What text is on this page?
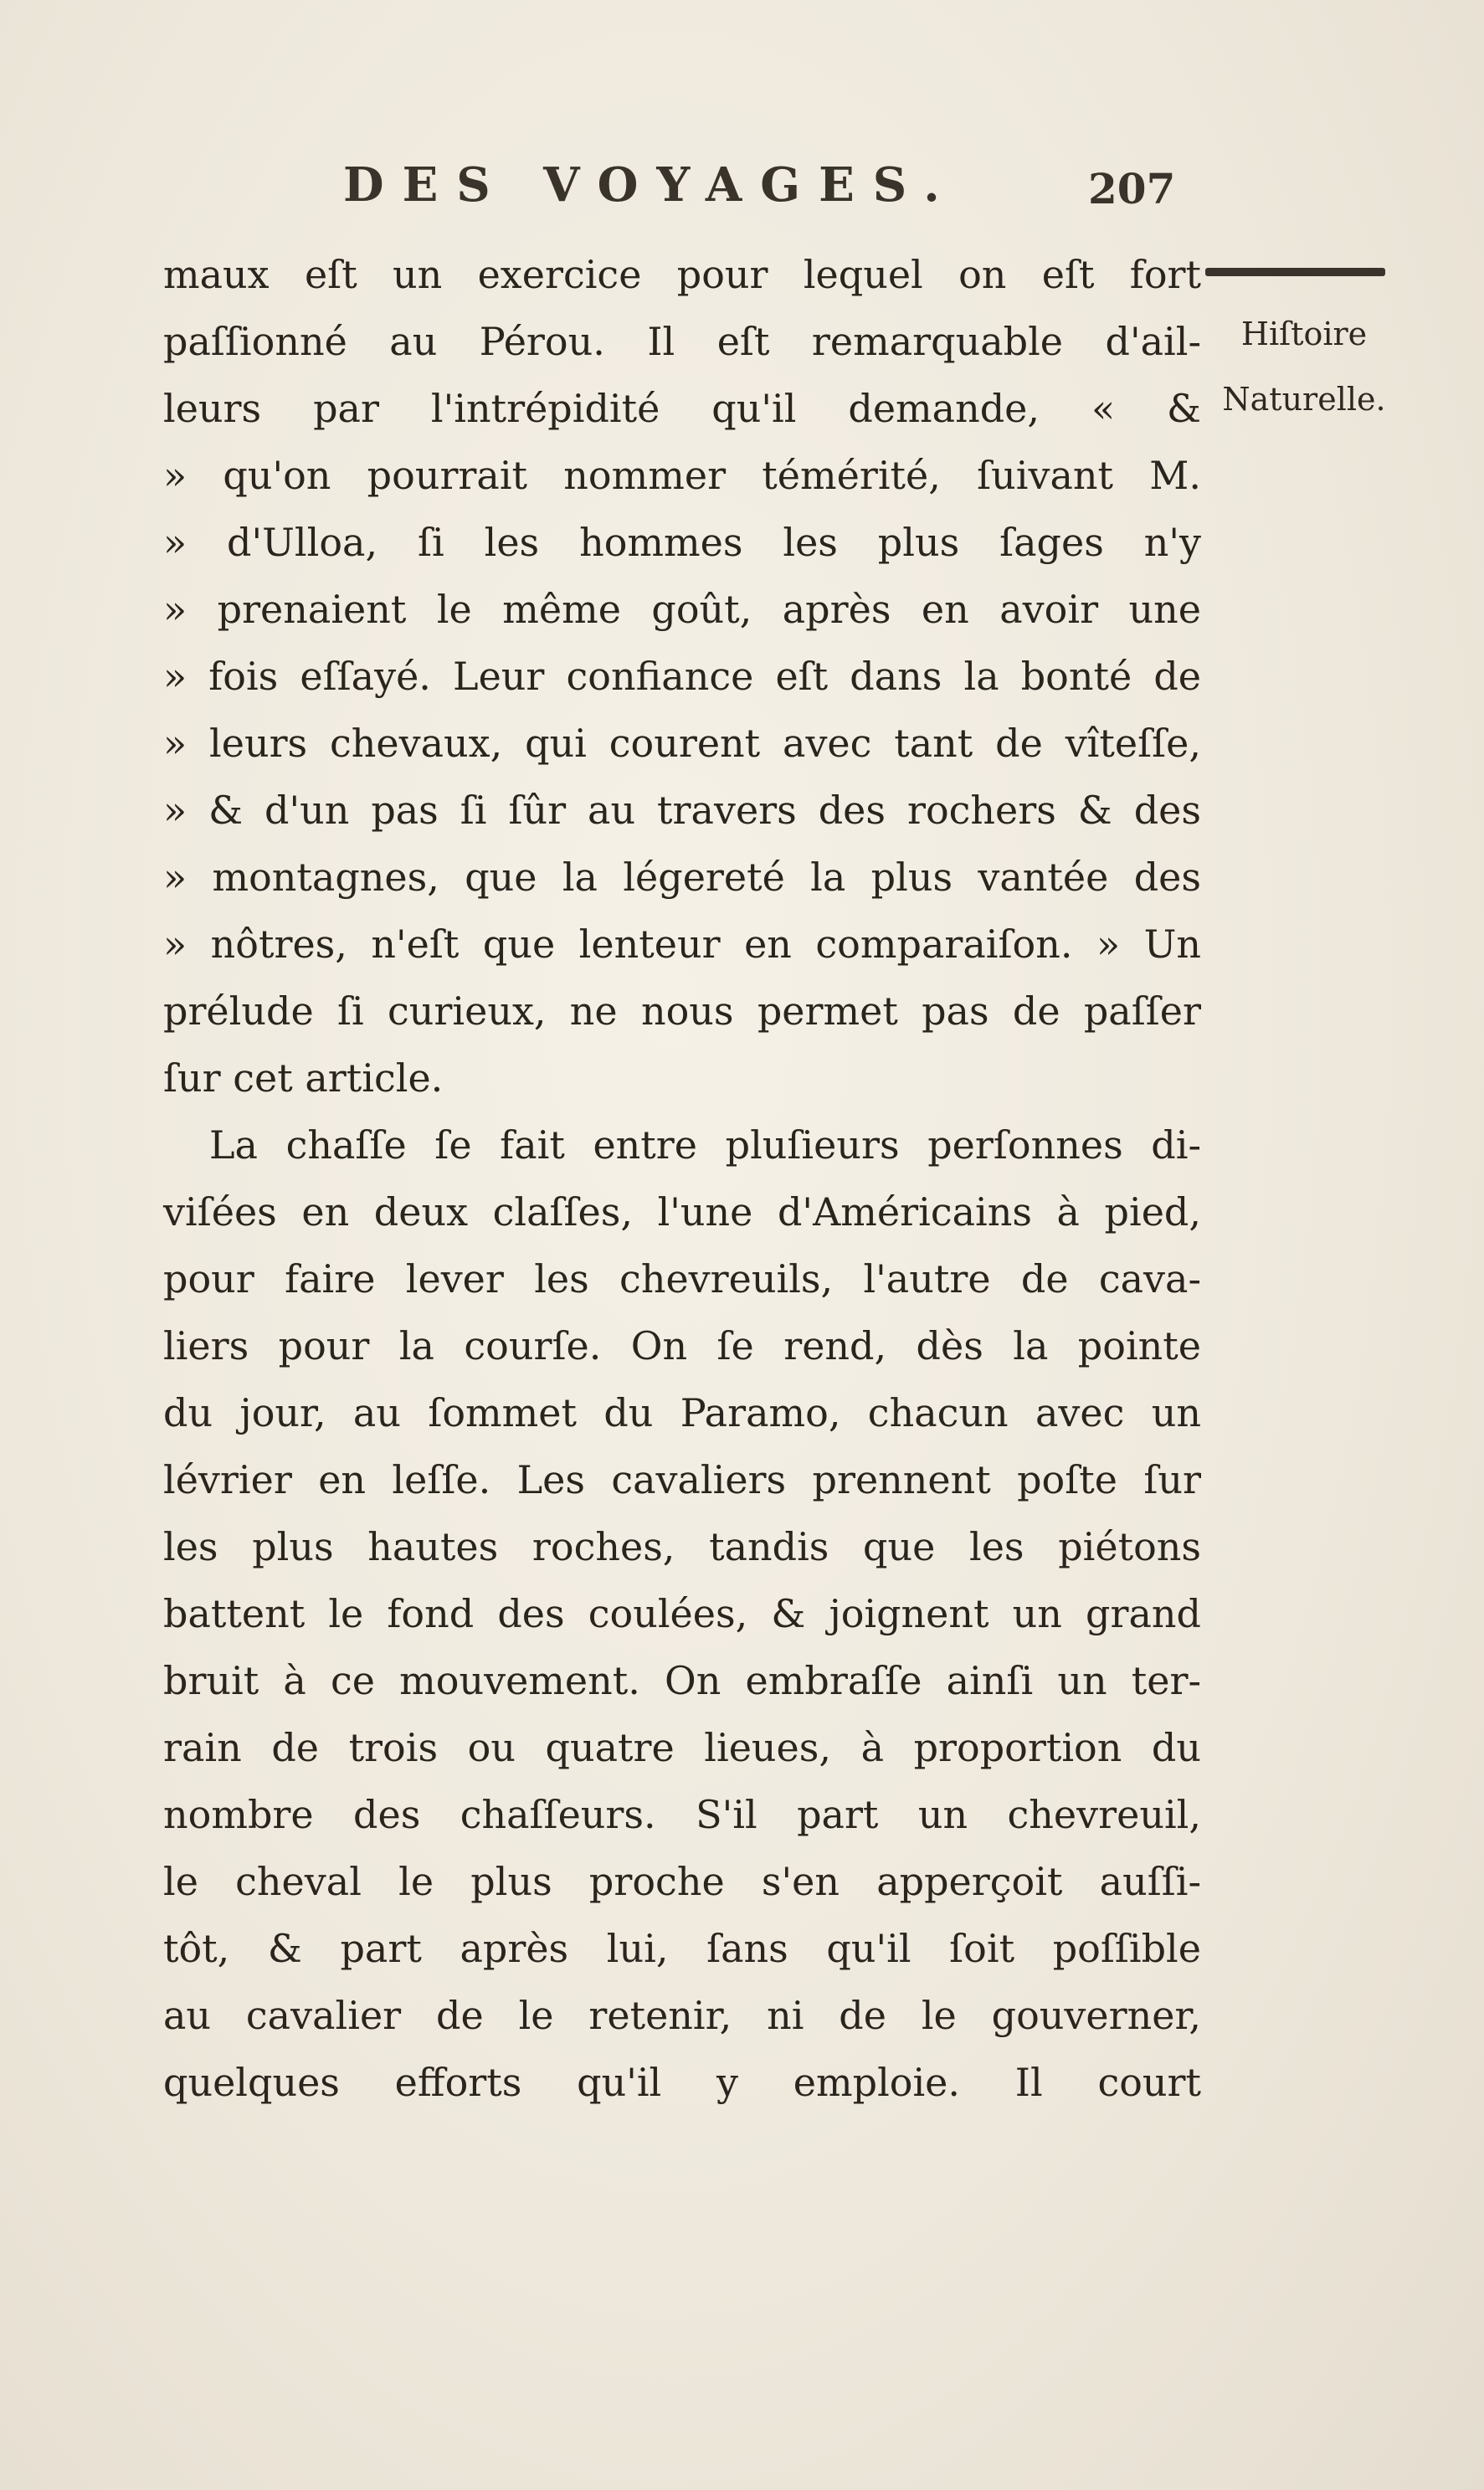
DES VOYAGES.	207
Hiſtoire
Naturelle.
maux eſt un exercice pour lequel on eſt fort
paſſionné au Pérou. Il eſt remarquable d'ail-
leurs par l'intrépidité qu'il demande, « &
» qu'on pourrait nommer témérité, ſuivant M.
» d'Ulloa, ſi les hommes les plus ſages n'y
» prenaient le même goût, après en avoir une
» fois eſſayé. Leur confiance eſt dans la bonté de
» leurs chevaux, qui courent avec tant de vîteſſe,
» & d'un pas ſi ſûr au travers des rochers & des
» montagnes, que la légereté la plus vantée des
» nôtres, n'eſt que lenteur en comparaiſon. » Un
prélude ſi curieux, ne nous permet pas de paſſer
ſur cet article.
La chaſſe ſe fait entre pluſieurs perſonnes di-
viſées en deux claſſes, l'une d'Américains à pied,
pour faire lever les chevreuils, l'autre de cava-
liers pour la courſe. On ſe rend, dès la pointe
du jour, au ſommet du Paramo, chacun avec un
lévrier en leſſe. Les cavaliers prennent poſte ſur
les plus hautes roches, tandis que les piétons
battent le fond des coulées, & joignent un grand
bruit à ce mouvement. On embraſſe ainſi un ter-
rain de trois ou quatre lieues, à proportion du
nombre des chaſſeurs. S'il part un chevreuil,
le cheval le plus proche s'en apperçoit auſſi-
tôt, & part après lui, ſans qu'il ſoit poſſible
au cavalier de le retenir, ni de le gouverner,
quelques efforts qu'il y emploie. Il court
